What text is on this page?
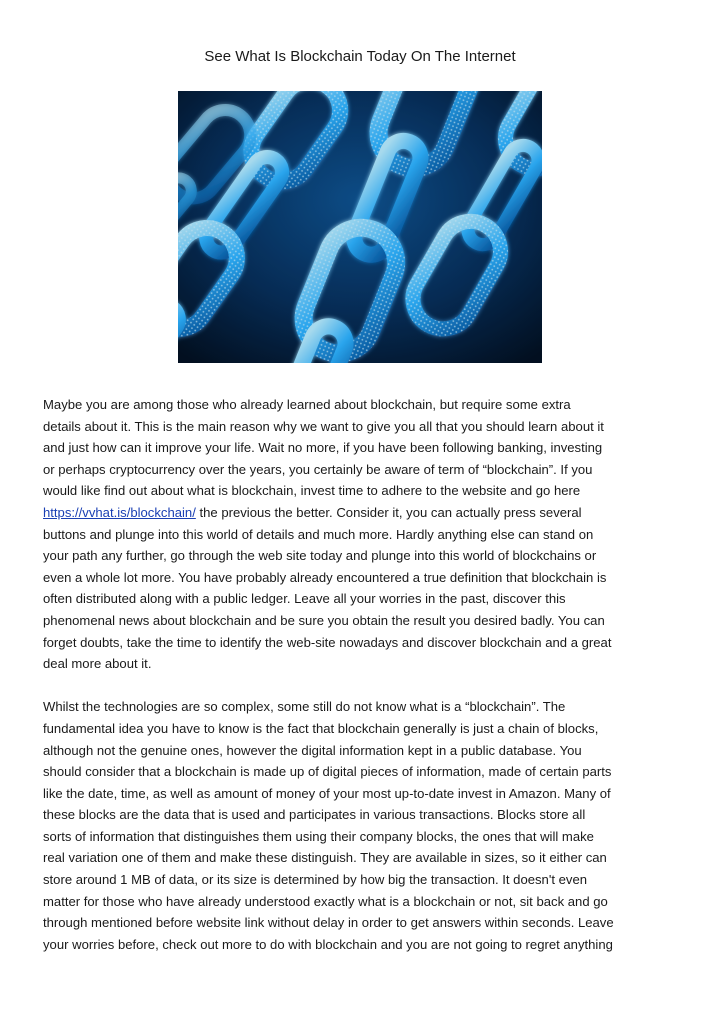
See What Is Blockchain Today On The Internet
Maybe you are among those who already learned about blockchain, but require some extra
details about it. This is the main reason why we want to give you all that you should learn about it
and just how can it improve your life. Wait no more, if you have been following banking, investing
or perhaps cryptocurrency over the years, you certainly be aware of term of “blockchain”. If you
would like find out about what is blockchain, invest time to adhere to the website and go here
https://vvhat.is/blockchain/ the previous the better. Consider it, you can actually press several
buttons and plunge into this world of details and much more. Hardly anything else can stand on
your path any further, go through the web site today and plunge into this world of blockchains or
even a whole lot more. You have probably already encountered a true definition that blockchain is
often distributed along with a public ledger. Leave all your worries in the past, discover this
phenomenal news about blockchain and be sure you obtain the result you desired badly. You can
forget doubts, take the time to identify the web-site nowadays and discover blockchain and a great
deal more about it.
Whilst the technologies are so complex, some still do not know what is a “blockchain”. The
fundamental idea you have to know is the fact that blockchain generally is just a chain of blocks,
although not the genuine ones, however the digital information kept in a public database. You
should consider that a blockchain is made up of digital pieces of information, made of certain parts
like the date, time, as well as amount of money of your most up-to-date invest in Amazon. Many of
these blocks are the data that is used and participates in various transactions. Blocks store all
sorts of information that distinguishes them using their company blocks, the ones that will make
real variation one of them and make these distinguish. They are available in sizes, so it either can
store around 1 MB of data, or its size is determined by how big the transaction. It doesn't even
matter for those who have already understood exactly what is a blockchain or not, sit back and go
through mentioned before website link without delay in order to get answers within seconds. Leave
your worries before, check out more to do with blockchain and you are not going to regret anything
